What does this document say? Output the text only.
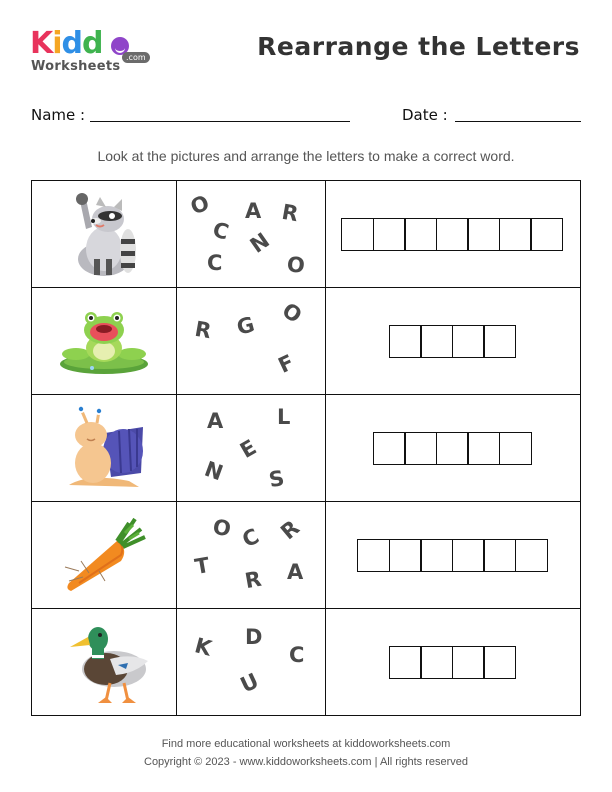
Kidd
Worksheets
.com	Rearrange the Letters
Name :	Date :
Look at the pictures and arrange the letters to make a correct word.

O A R
C N
C	O

R G O
F	

A L
E
N S	

O C R
T
R A

K D
C
U	

Find more educational worksheets at kiddoworksheets.com
Copyright © 2023 - www.kiddoworksheets.com | All rights reserved
